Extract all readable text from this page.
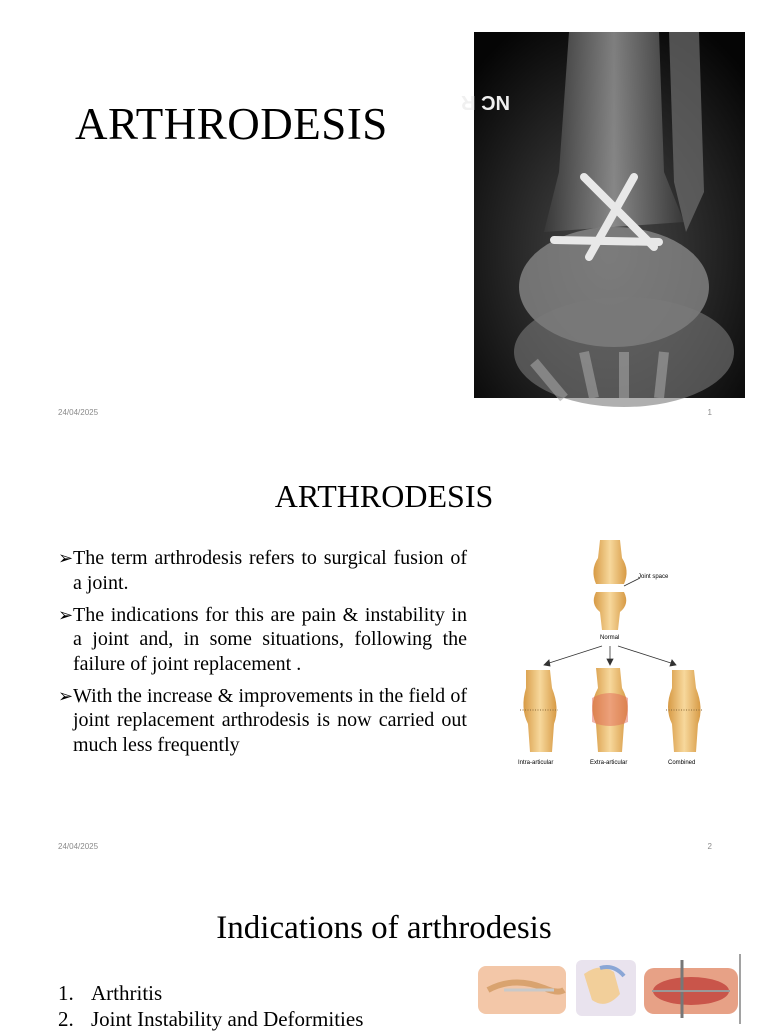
ARTHRODESIS	NC R
24/04/2025	1
ARTHRODESIS
➢ The term arthrodesis refers to surgical fusion of a joint.
➢ The indications for this are pain & instability in a joint and, in some situations, following the failure of joint replacement .
➢ With the increase & improvements in the field of joint replacement arthrodesis is now carried out much less frequently
Joint space
Normal
Intra-articular	Extra-articular	Combined
24/04/2025	2
Indications of arthrodesis
1. Arthritis
2. Joint Instability and Deformities
